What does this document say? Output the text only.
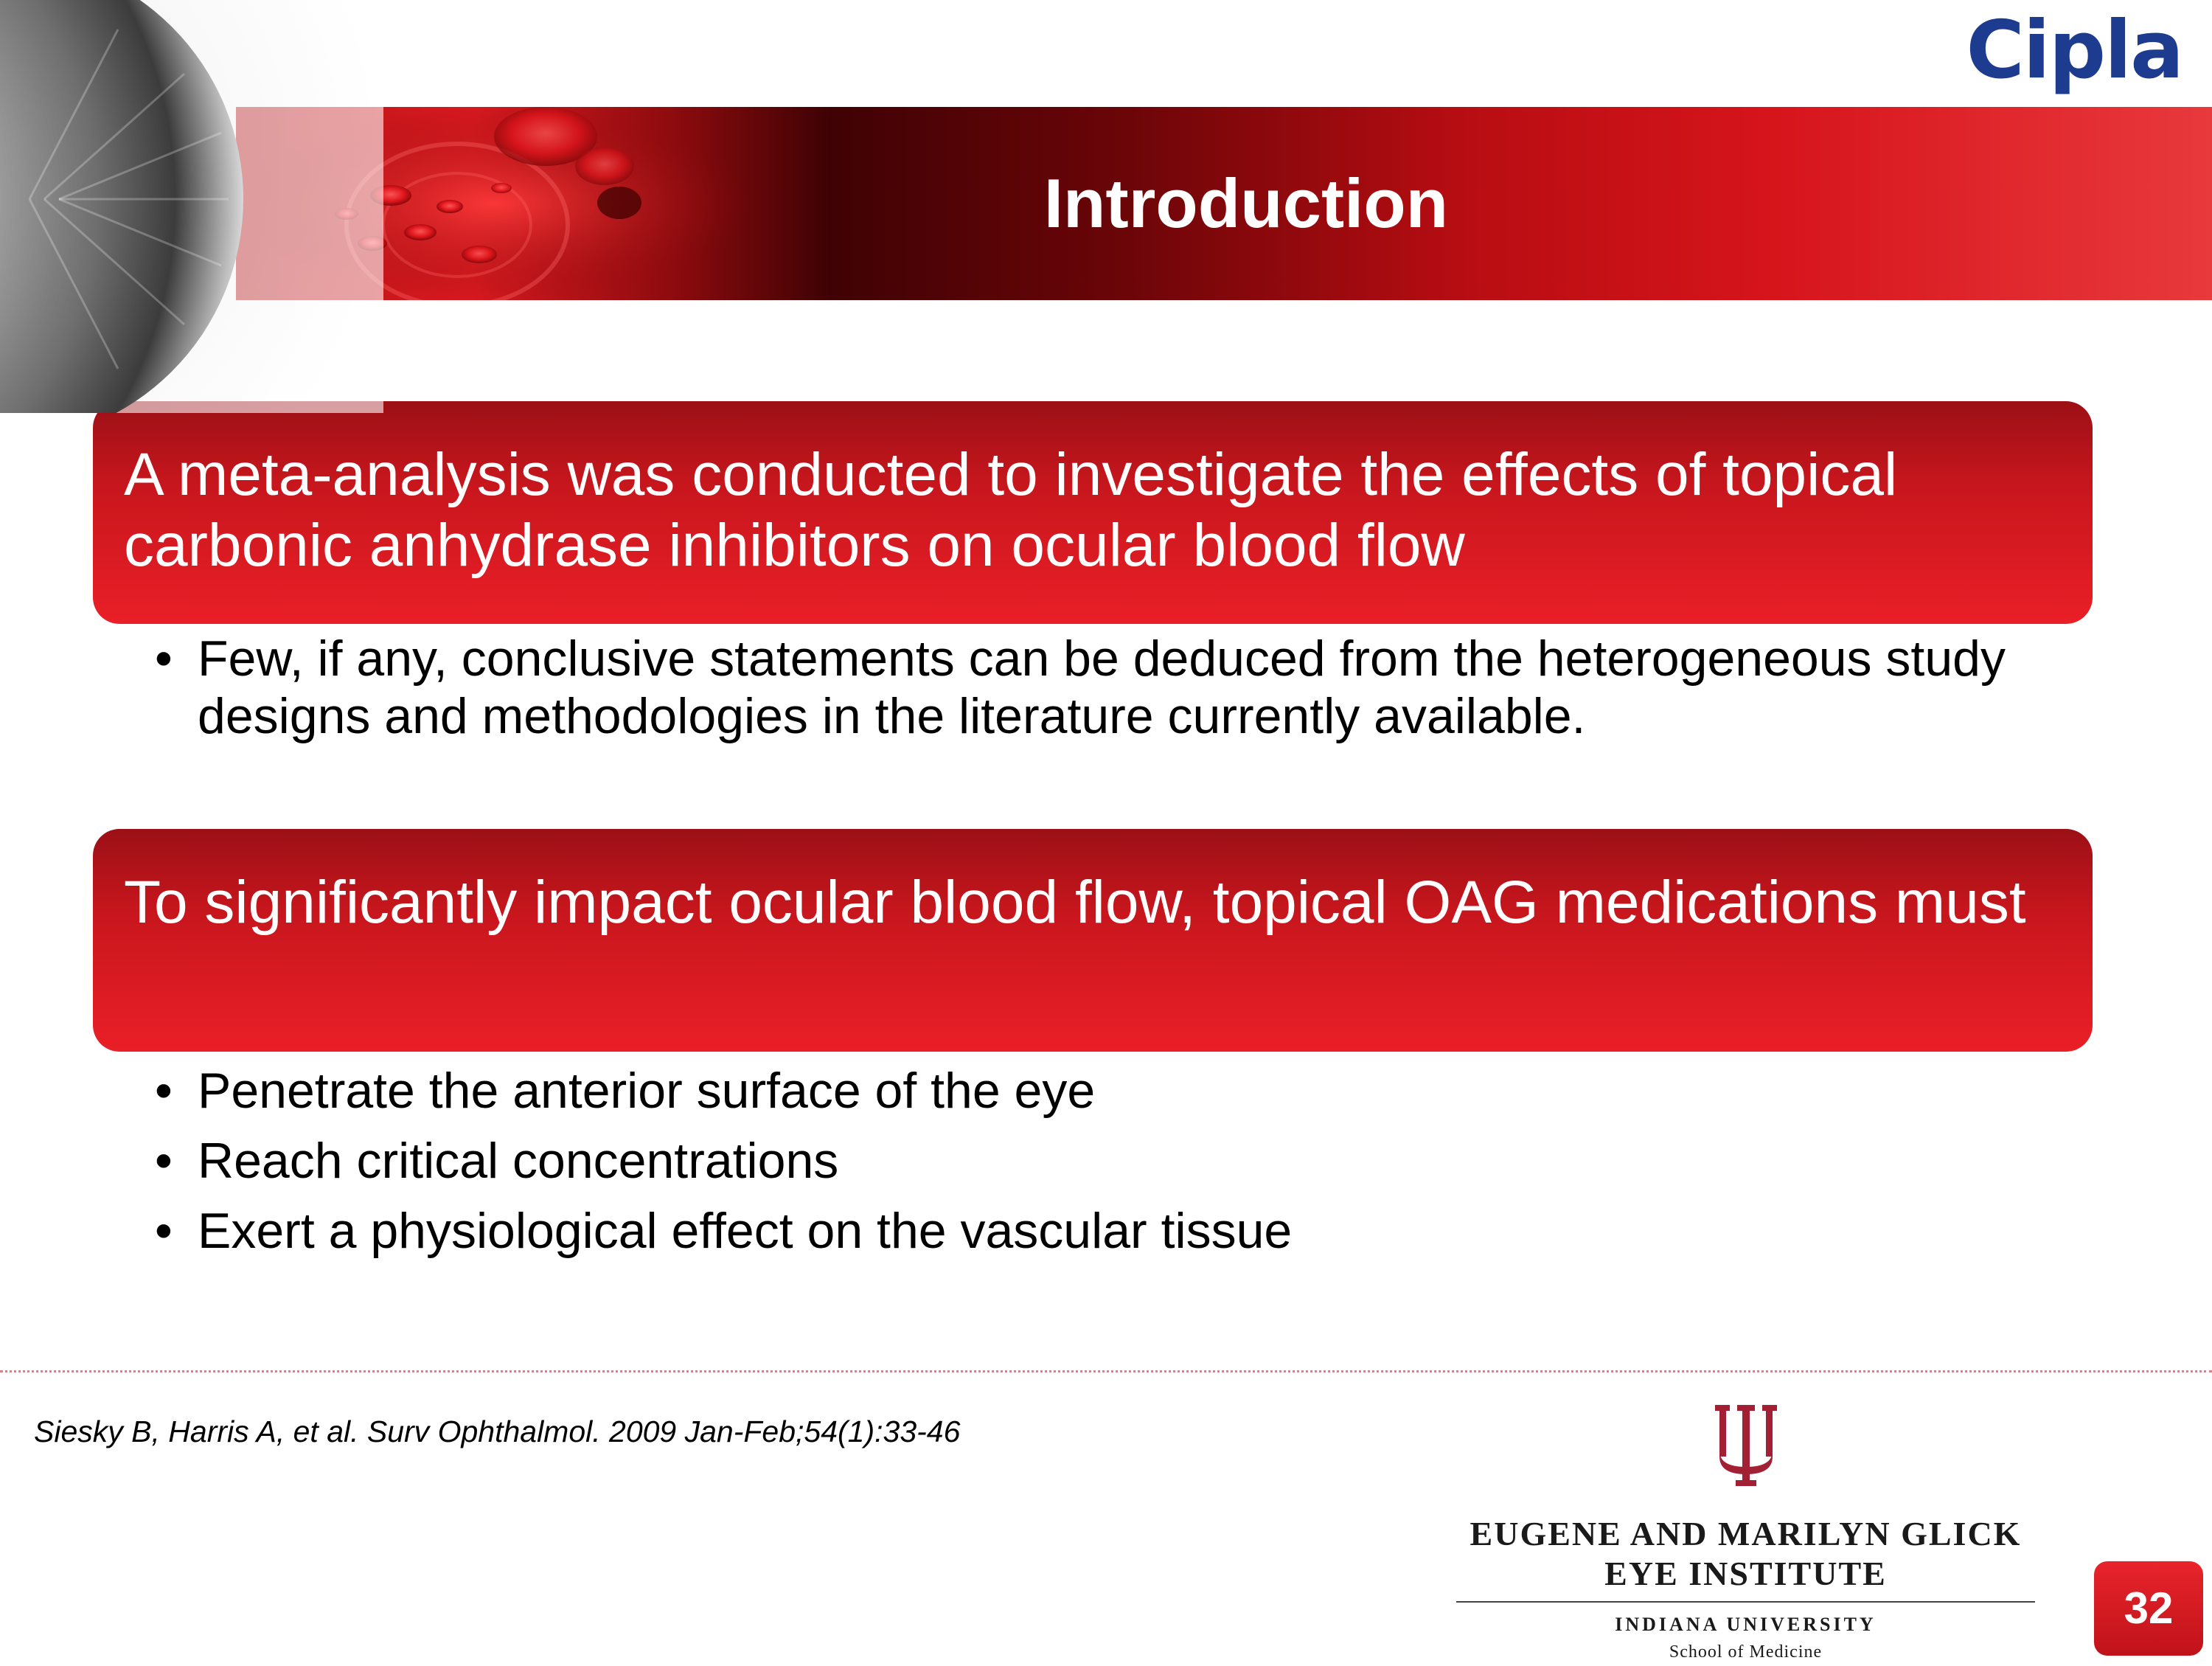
Introduction
Cipla
A meta-analysis was conducted to investigate the effects of topical carbonic anhydrase inhibitors on ocular blood flow
• Few, if any, conclusive statements can be deduced from the heterogeneous study designs and methodologies in the literature currently available.
To significantly impact ocular blood flow, topical OAG medications must
• Penetrate the anterior surface of the eye
• Reach critical concentrations
• Exert a physiological effect on the vascular tissue
Siesky B, Harris A, et al. Surv Ophthalmol. 2009 Jan-Feb;54(1):33-46
EUGENE AND MARILYN GLICK
EYE INSTITUTE
INDIANA UNIVERSITY
School of Medicine
32
